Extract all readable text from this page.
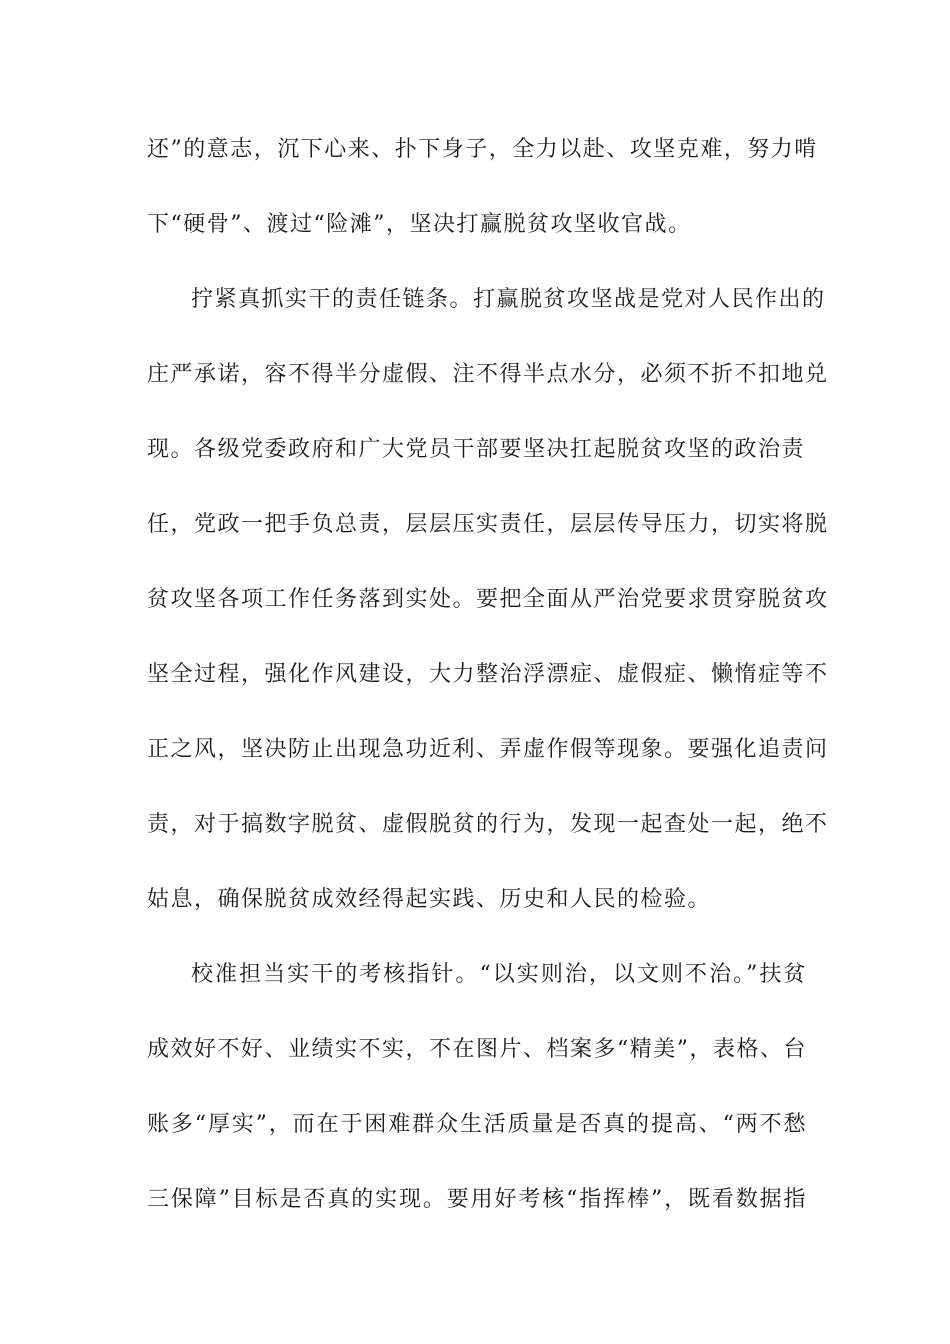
还”的意志，沉下心来、扑下身子，全力以赴、攻坚克难，努力啃
下“硬骨”、渡过“险滩”，坚决打赢脱贫攻坚收官战。
拧紧真抓实干的责任链条。打赢脱贫攻坚战是党对人民作出的
庄严承诺，容不得半分虚假、注不得半点水分，必须不折不扣地兑
现。各级党委政府和广大党员干部要坚决扛起脱贫攻坚的政治责
任，党政一把手负总责，层层压实责任，层层传导压力，切实将脱
贫攻坚各项工作任务落到实处。要把全面从严治党要求贯穿脱贫攻
坚全过程，强化作风建设，大力整治浮漂症、虚假症、懒惰症等不
正之风，坚决防止出现急功近利、弄虚作假等现象。要强化追责问
责，对于搞数字脱贫、虚假脱贫的行为，发现一起查处一起，绝不
姑息，确保脱贫成效经得起实践、历史和人民的检验。
校准担当实干的考核指针。“以实则治，以文则不治。”扶贫
成效好不好、业绩实不实，不在图片、档案多“精美”，表格、台
账多“厚实”，而在于困难群众生活质量是否真的提高、“两不愁
三保障”目标是否真的实现。要用好考核“指挥棒”，既看数据指
